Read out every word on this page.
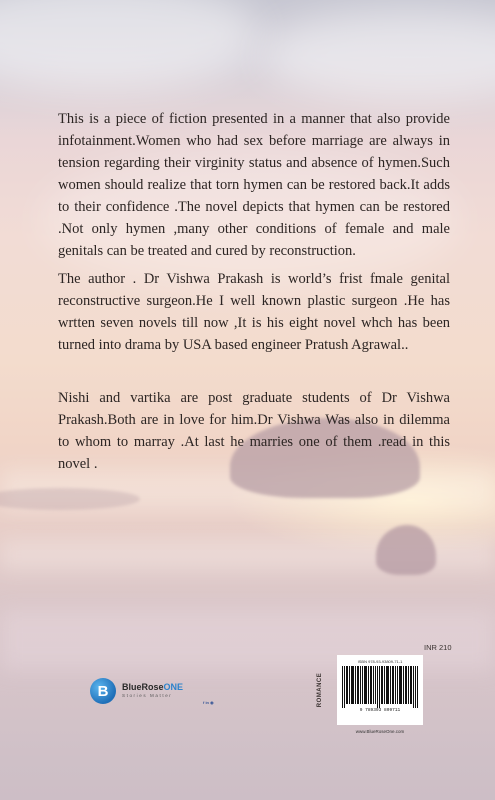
This is a piece of fiction presented in a manner that also provide infotainment.Women who had sex before marriage are always in tension regarding their virginity status and absence of hymen.Such women should realize that torn hymen can be restored back.It adds to their confidence .The novel depicts that hymen can be restored .Not only hymen ,many other conditions of female and male genitals can be treated and cured by reconstruction.

The author . Dr Vishwa Prakash is world’s frist fmale genital reconstructive surgeon.He I well known plastic surgeon .He has wrtten seven novels till now ,It is his eight novel whch has been turned into drama by USA based engineer Pratush Agrawal..

Nishi and vartika are post graduate students of Dr Vishwa Prakash.Both are in love for him.Dr Vishwa Was also in dilemma to whom to marray .At last he marries one of them .read in this novel .

INR 210
ROMANCE
ISBN 978-93-93809-71-1
9 789393 809711
www.BlueRoseOne.com
B	BlueRoseONE
Stories Matter
f in ◉
